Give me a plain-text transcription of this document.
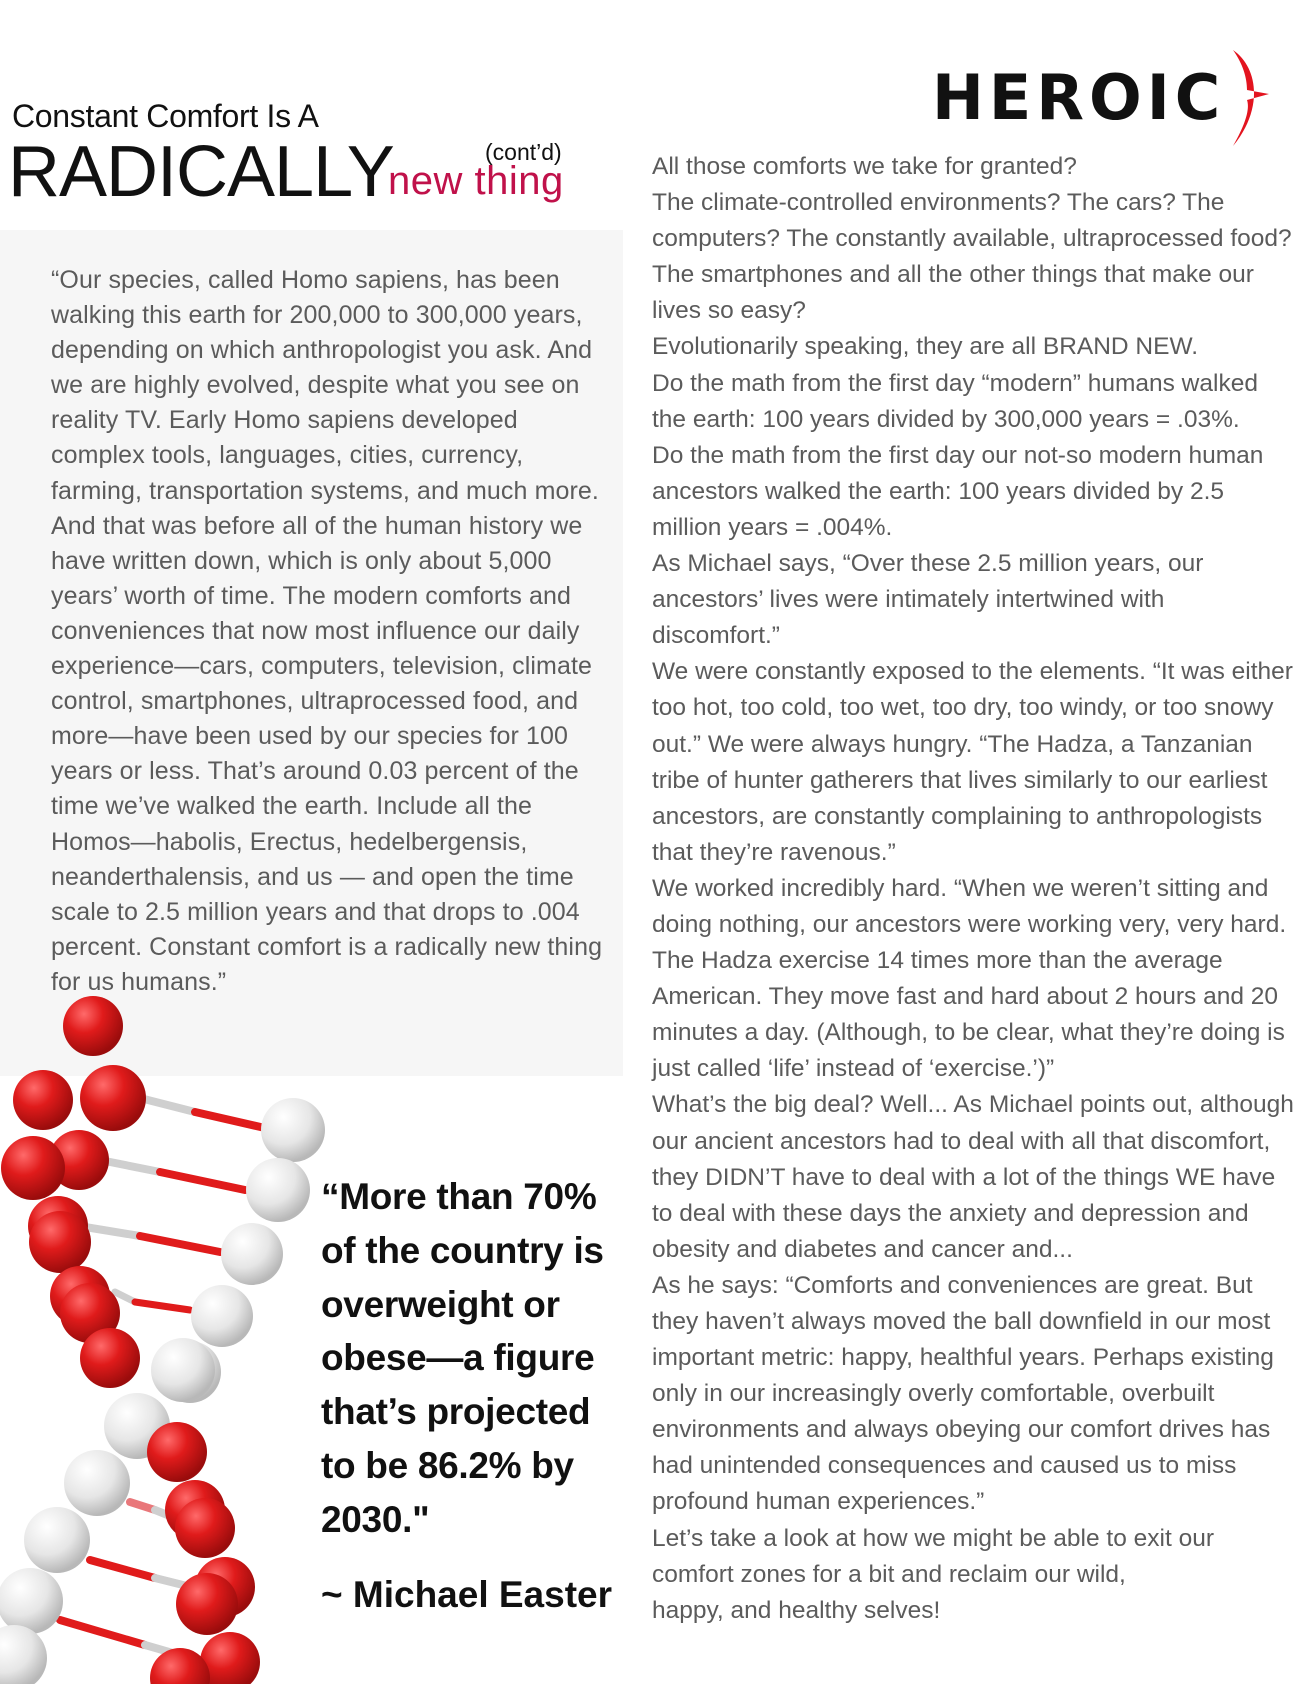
HEROIC
Constant Comfort Is A
RADICALLY	(cont’d)
new thing
“Our species, called Homo sapiens, has been walking this earth for 200,000 to 300,000 years, depending on which anthropologist you ask. And we are highly evolved, despite what you see on reality TV. Early Homo sapiens developed complex tools, languages, cities, currency, farming, transportation systems, and much more. And that was before all of the human history we have written down, which is only about 5,000 years’ worth of time. The modern comforts and conveniences that now most influence our daily experience—cars, computers, television, climate control, smartphones, ultraprocessed food, and more—have been used by our species for 100 years or less. That’s around 0.03 percent of the time we’ve walked the earth. Include all the Homos—habolis, Erectus, hedelbergensis, neanderthalensis, and us — and open the time scale to 2.5 million years and that drops to .004 percent. Constant comfort is a radically new thing for us humans.”

All those comforts we take for granted?

The climate-controlled environments? The cars? The computers? The constantly available, ultraprocessed food? The smartphones and all the other things that make our lives so easy?

Evolutionarily speaking, they are all BRAND NEW.

Do the math from the first day “modern” humans walked the earth: 100 years divided by 300,000 years = .03%.

Do the math from the first day our not-so modern human ancestors walked the earth: 100 years divided by 2.5 million years = .004%.

As Michael says, “Over these 2.5 million years, our ancestors’ lives were intimately intertwined with discomfort.”

We were constantly exposed to the elements. “It was either too hot, too cold, too wet, too dry, too windy, or too snowy out.” We were always hungry. “The Hadza, a Tanzanian tribe of hunter gatherers that lives similarly to our earliest ancestors, are constantly complaining to anthropologists that they’re ravenous.”

We worked incredibly hard. “When we weren’t sitting and doing nothing, our ancestors were working very, very hard. The Hadza exercise 14 times more than the average American. They move fast and hard about 2 hours and 20 minutes a day. (Although, to be clear, what they’re doing is just called ‘life’ instead of ‘exercise.’)”

What’s the big deal? Well... As Michael points out, although our ancient ancestors had to deal with all that discomfort, they DIDN’T have to deal with a lot of the things WE have to deal with these days the anxiety and depression and obesity and diabetes and cancer and...

As he says: “Comforts and conveniences are great. But they haven’t always moved the ball downfield in our most important metric: happy, healthful years. Perhaps existing only in our increasingly overly comfortable, overbuilt environments and always obeying our comfort drives has had unintended consequences and caused us to miss profound human experiences.”

Let’s take a look at how we might be able to exit our comfort zones for a bit and reclaim our wild,

happy, and healthy selves!

“More than 70% of the country is overweight or obese—a figure that’s projected to be 86.2% by 2030."
~ Michael Easter
